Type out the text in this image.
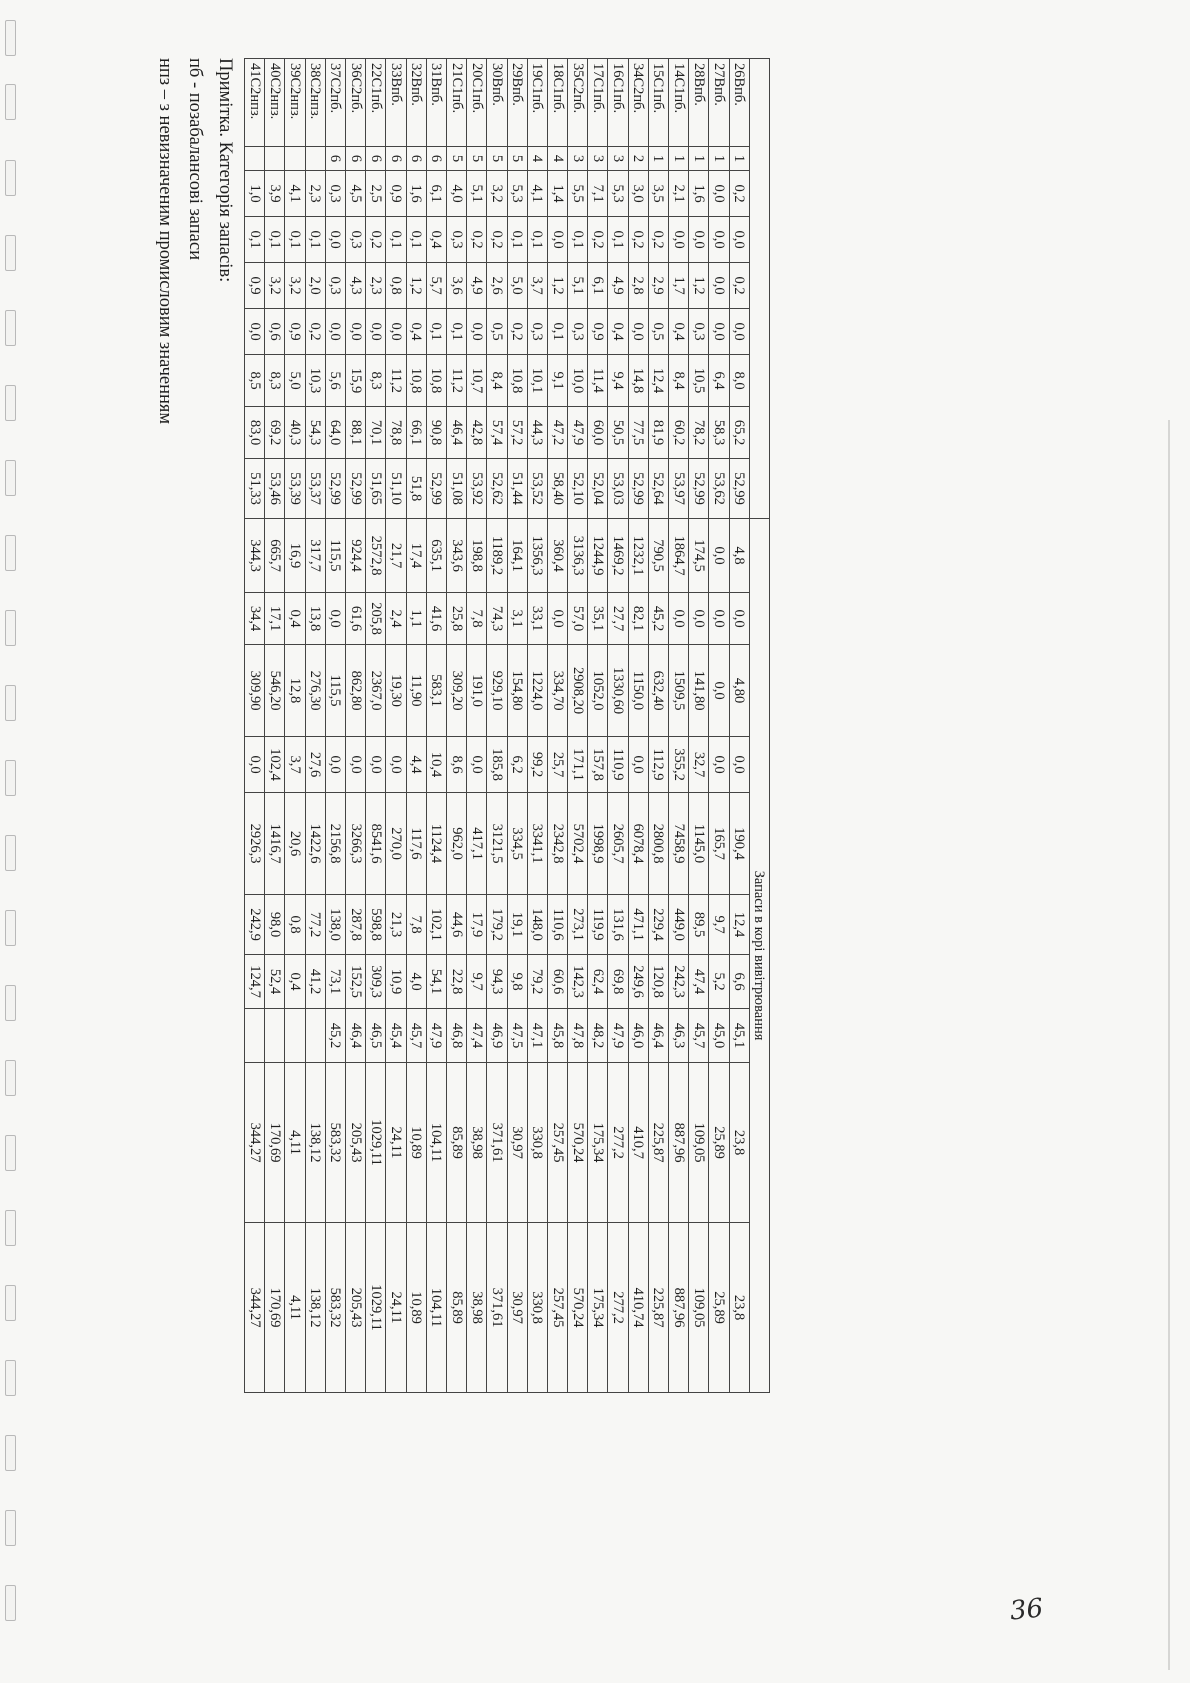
									Запаси в корі вивітрювання									
26Впб.	1	0,2	0,0	0,2	0,0	8,0	65,2	52,99	4,8	0,0	4,80	0,0	190,4	12,4	6,6	45,1	23,8	23,8
27Впб.	1	0,0	0,0	0,0	0,0	6,4	58,3	53,62	0,0	0,0	0,0	0,0	165,7	9,7	5,2	45,0	25,89	25,89
28Впб.	1	1,6	0,0	1,2	0,3	10,5	78,2	52,99	174,5	0,0	141,80	32,7	1145,0	89,5	47,4	45,7	109,05	109,05
14С1пб.	1	2,1	0,0	1,7	0,4	8,4	60,2	53,97	1864,7	0,0	1509,5	355,2	7458,9	449,0	242,3	46,3	887,96	887,96
15С1пб.	1	3,5	0,2	2,9	0,5	12,4	81,9	52,64	790,5	45,2	632,40	112,9	2800,8	229,4	120,8	46,4	225,87	225,87
34С2пб.	2	3,0	0,2	2,8	0,0	14,8	77,5	52,99	1232,1	82,1	1150,0	0,0	6078,4	471,1	249,6	46,0	410,7	410,74
16С1пб.	3	5,3	0,1	4,9	0,4	9,4	50,5	53,03	1469,2	27,7	1330,60	110,9	2605,7	131,6	69,8	47,9	277,2	277,2
17С1пб.	3	7,1	0,2	6,1	0,9	11,4	60,0	52,04	1244,9	35,1	1052,0	157,8	1998,9	119,9	62,4	48,2	175,34	175,34
35С2пб.	3	5,5	0,1	5,1	0,3	10,0	47,9	52,10	3136,3	57,0	2908,20	171,1	5702,4	273,1	142,3	47,8	570,24	570,24
18С1пб.	4	1,4	0,0	1,2	0,1	9,1	47,2	58,40	360,4	0,0	334,70	25,7	2342,8	110,6	60,6	45,8	257,45	257,45
19С1пб.	4	4,1	0,1	3,7	0,3	10,1	44,3	53,52	1356,3	33,1	1224,0	99,2	3341,1	148,0	79,2	47,1	330,8	330,8
29Впб.	5	5,3	0,1	5,0	0,2	10,8	57,2	51,44	164,1	3,1	154,80	6,2	334,5	19,1	9,8	47,5	30,97	30,97
30Впб.	5	3,2	0,2	2,6	0,5	8,4	57,4	52,62	1189,2	74,3	929,10	185,8	3121,5	179,2	94,3	46,9	371,61	371,61
20С1пб.	5	5,1	0,2	4,9	0,0	10,7	42,8	53,92	198,8	7,8	191,0	0,0	417,1	17,9	9,7	47,4	38,98	38,98
21С1пб.	5	4,0	0,3	3,6	0,1	11,2	46,4	51,08	343,6	25,8	309,20	8,6	962,0	44,6	22,8	46,8	85,89	85,89
31Впб.	6	6,1	0,4	5,7	0,1	10,8	90,8	52,99	635,1	41,6	583,1	10,4	1124,4	102,1	54,1	47,9	104,11	104,11
32Впб.	6	1,6	0,1	1,2	0,4	10,8	66,1	51,8	17,4	1,1	11,90	4,4	117,6	7,8	4,0	45,7	10,89	10,89
33Впб.	6	0,9	0,1	0,8	0,0	11,2	78,8	51,10	21,7	2,4	19,30	0,0	270,0	21,3	10,9	45,4	24,11	24,11
22С1пб.	6	2,5	0,2	2,3	0,0	8,3	70,1	51,65	2572,8	205,8	2367,0	0,0	8541,6	598,8	309,3	46,5	1029,11	1029,11
36С2пб.	6	4,5	0,3	4,3	0,0	15,9	88,1	52,99	924,4	61,6	862,80	0,0	3266,3	287,8	152,5	46,4	205,43	205,43
37С2пб.	6	0,3	0,0	0,3	0,0	5,6	64,0	52,99	115,5	0,0	115,5	0,0	2156,8	138,0	73,1	45,2	583,32	583,32
38С2нпз.		2,3	0,1	2,0	0,2	10,3	54,3	53,37	317,7	13,8	276,30	27,6	1422,6	77,2	41,2		138,12	138,12
39С2нпз.		4,1	0,1	3,2	0,9	5,0	40,3	53,39	16,9	0,4	12,8	3,7	20,6	0,8	0,4		4,11	4,11
40С2нпз.		3,9	0,1	3,2	0,6	8,3	69,2	53,46	665,7	17,1	546,20	102,4	1416,7	98,0	52,4		170,69	170,69
41С2нпз.		1,0	0,1	0,9	0,0	8,5	83,0	51,33	344,3	34,4	309,90	0,0	2926,3	242,9	124,7		344,27	344,27
Примітка. Категорія запасів:
пб - позабалансові запаси
нпз – з невизначеним промисловим значенням
36
